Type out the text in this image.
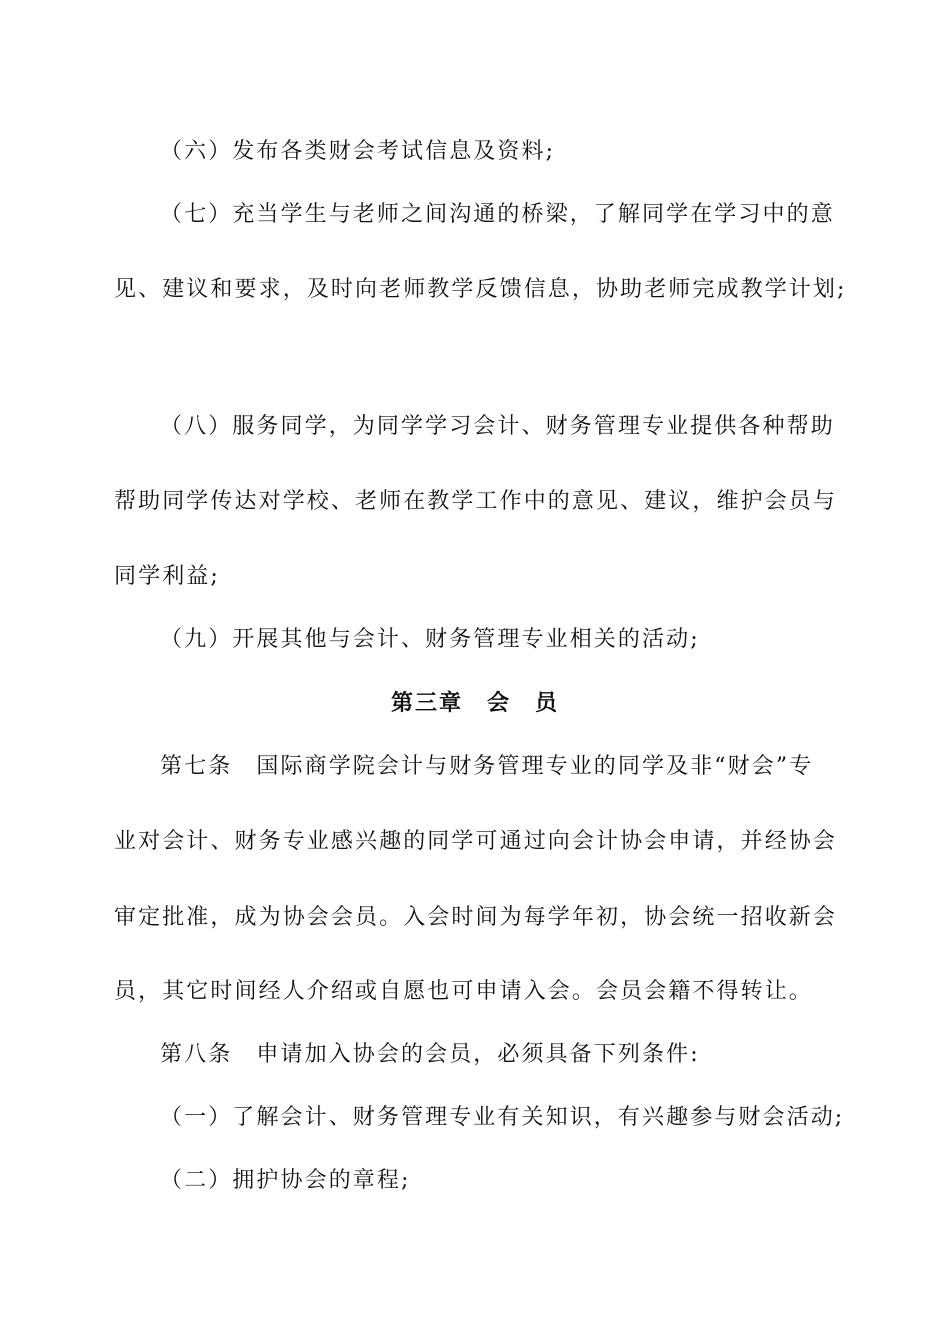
（六）发布各类财会考试信息及资料;
（七）充当学生与老师之间沟通的桥梁，了解同学在学习中的意
见、建议和要求，及时向老师教学反馈信息，协助老师完成教学计划;
（八）服务同学，为同学学习会计、财务管理专业提供各种帮助
帮助同学传达对学校、老师在教学工作中的意见、建议，维护会员与
同学利益;
（九）开展其他与会计、财务管理专业相关的活动;
第三章　会　员
第七条　国际商学院会计与财务管理专业的同学及非“财会”专
业对会计、财务专业感兴趣的同学可通过向会计协会申请，并经协会
审定批准，成为协会会员。入会时间为每学年初，协会统一招收新会
员，其它时间经人介绍或自愿也可申请入会。会员会籍不得转让。
第八条　申请加入协会的会员，必须具备下列条件:
（一）了解会计、财务管理专业有关知识，有兴趣参与财会活动;
（二）拥护协会的章程;
